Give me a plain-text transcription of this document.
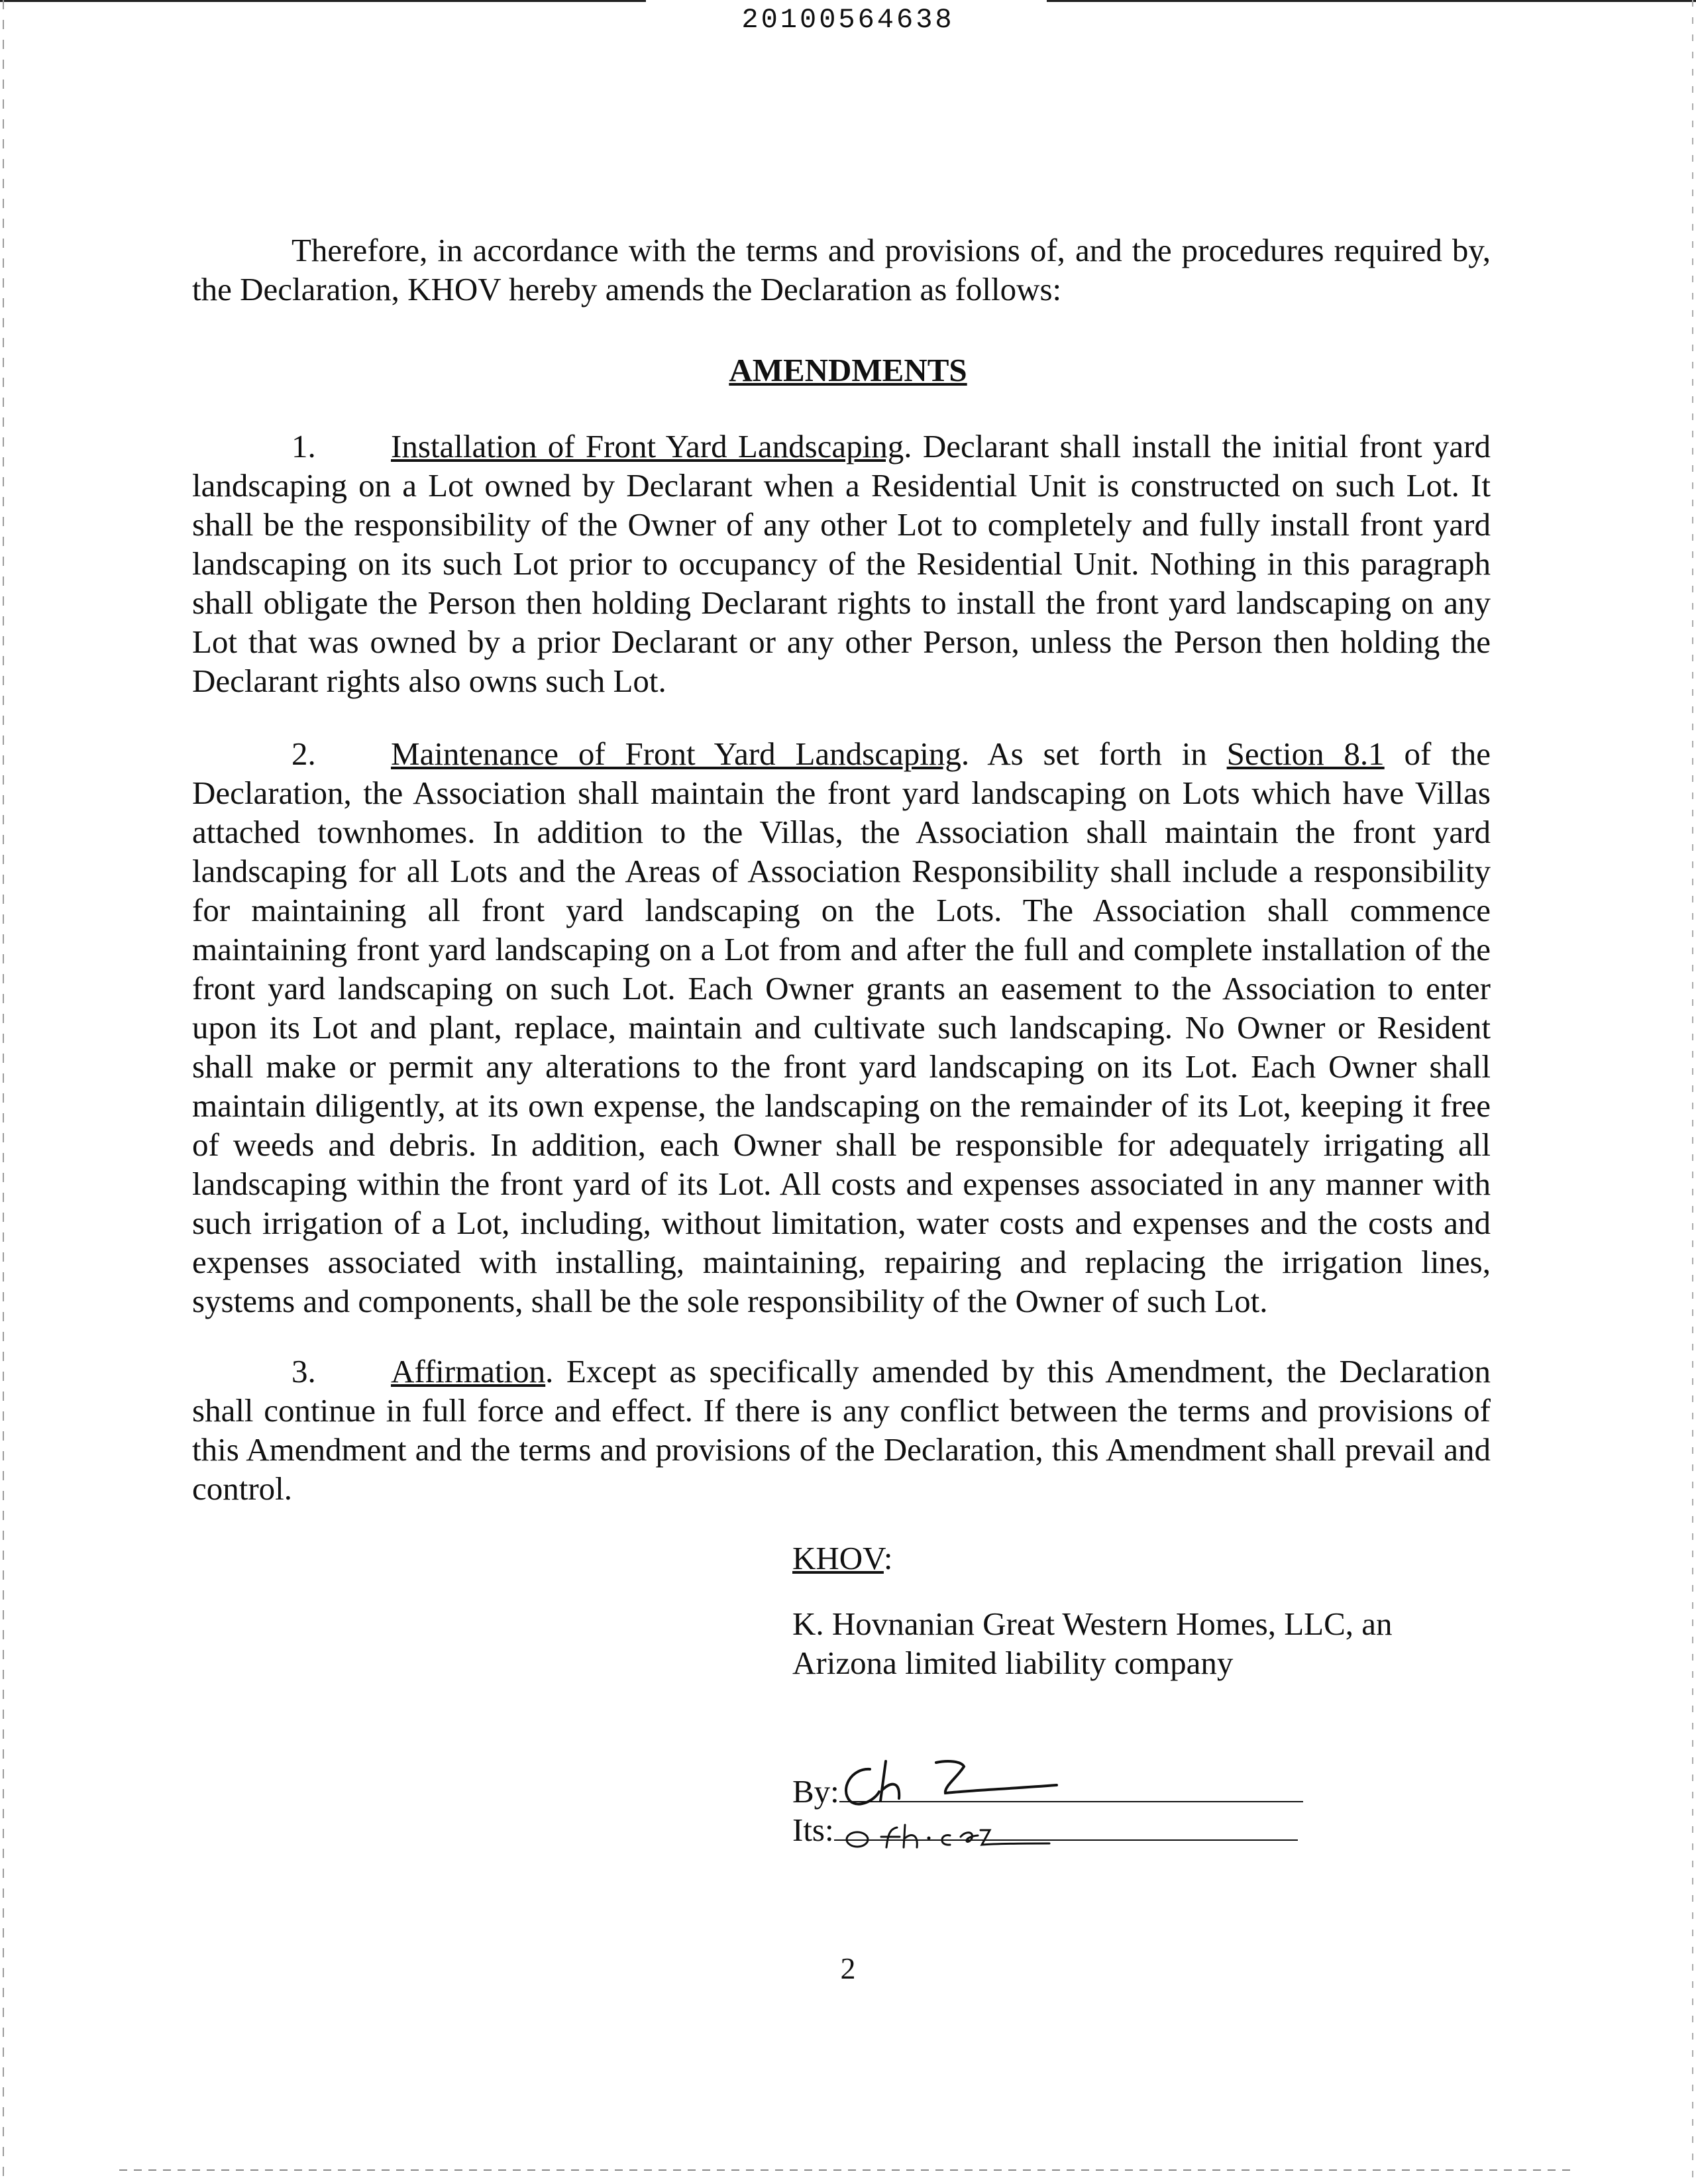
20100564638

Therefore, in accordance with the terms and provisions of, and the procedures required by, the Declaration, KHOV hereby amends the Declaration as follows:

AMENDMENTS

1. Installation of Front Yard Landscaping. Declarant shall install the initial front yard landscaping on a Lot owned by Declarant when a Residential Unit is constructed on such Lot. It shall be the responsibility of the Owner of any other Lot to completely and fully install front yard landscaping on its such Lot prior to occupancy of the Residential Unit. Nothing in this paragraph shall obligate the Person then holding Declarant rights to install the front yard landscaping on any Lot that was owned by a prior Declarant or any other Person, unless the Person then holding the Declarant rights also owns such Lot.

2. Maintenance of Front Yard Landscaping. As set forth in Section 8.1 of the Declaration, the Association shall maintain the front yard landscaping on Lots which have Villas attached townhomes. In addition to the Villas, the Association shall maintain the front yard landscaping for all Lots and the Areas of Association Responsibility shall include a responsibility for maintaining all front yard landscaping on the Lots. The Association shall commence maintaining front yard landscaping on a Lot from and after the full and complete installation of the front yard landscaping on such Lot. Each Owner grants an easement to the Association to enter upon its Lot and plant, replace, maintain and cultivate such landscaping. No Owner or Resident shall make or permit any alterations to the front yard landscaping on its Lot. Each Owner shall maintain diligently, at its own expense, the landscaping on the remainder of its Lot, keeping it free of weeds and debris. In addition, each Owner shall be responsible for adequately irrigating all landscaping within the front yard of its Lot. All costs and expenses associated in any manner with such irrigation of a Lot, including, without limitation, water costs and expenses and the costs and expenses associated with installing, maintaining, repairing and replacing the irrigation lines, systems and components, shall be the sole responsibility of the Owner of such Lot.

3. Affirmation. Except as specifically amended by this Amendment, the Declaration shall continue in full force and effect. If there is any conflict between the terms and provisions of this Amendment and the terms and provisions of the Declaration, this Amendment shall prevail and control.

KHOV:
K. Hovnanian Great Western Homes, LLC, an
Arizona limited liability company
By:
Its:
2
